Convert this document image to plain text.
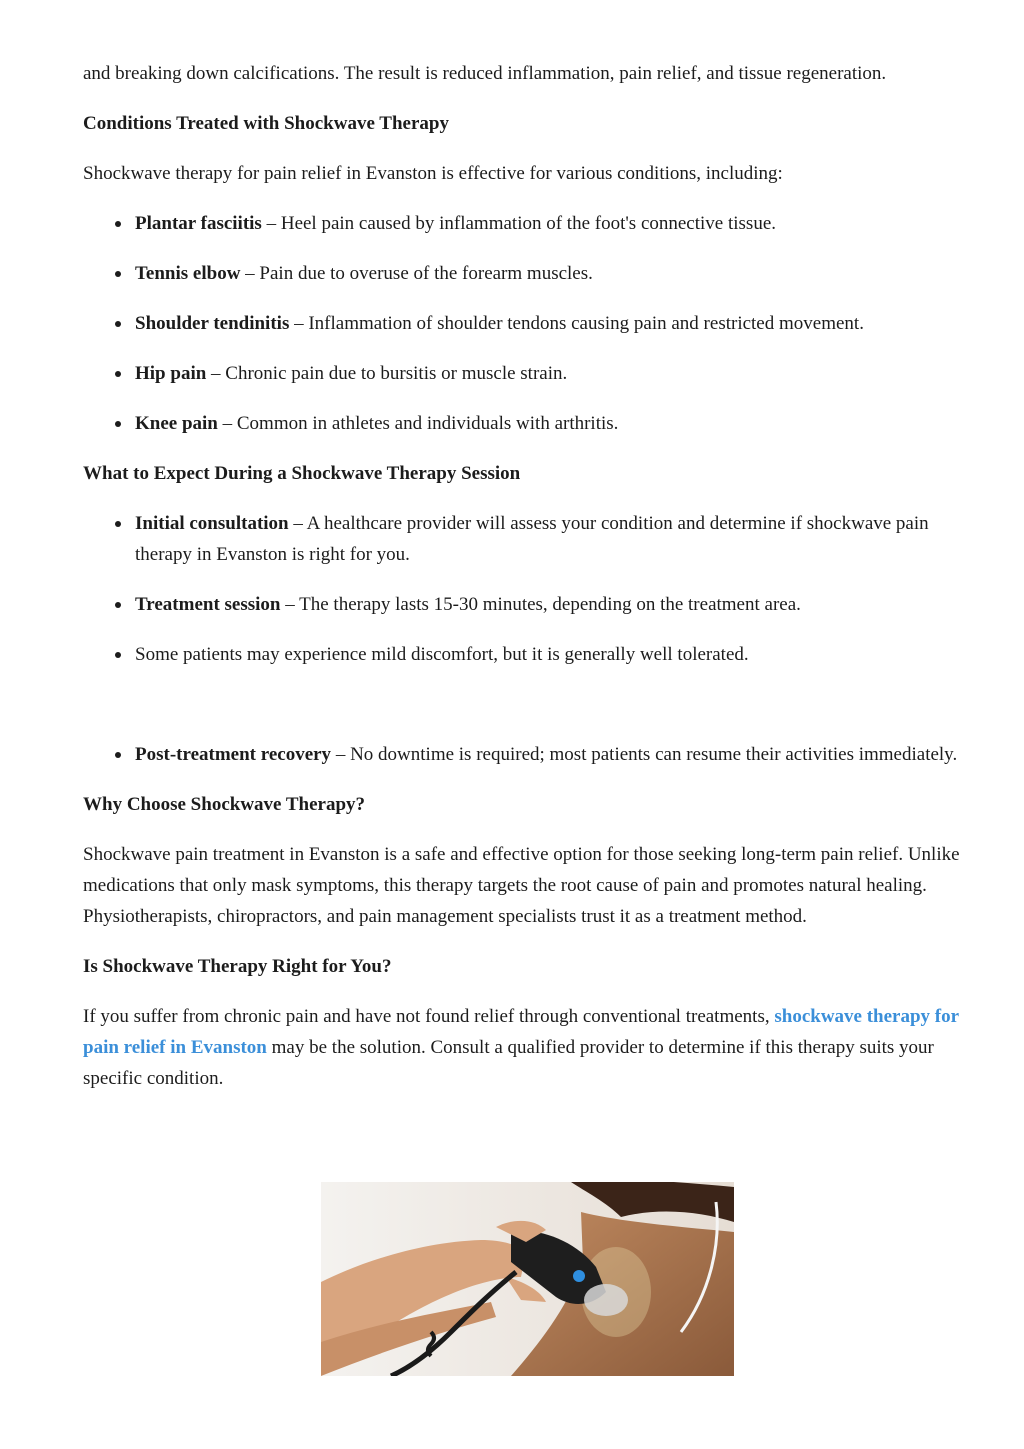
and breaking down calcifications. The result is reduced inflammation, pain relief, and tissue regeneration.

Conditions Treated with Shockwave Therapy

Shockwave therapy for pain relief in Evanston is effective for various conditions, including:

Plantar fasciitis – Heel pain caused by inflammation of the foot's connective tissue.
Tennis elbow – Pain due to overuse of the forearm muscles.
Shoulder tendinitis – Inflammation of shoulder tendons causing pain and restricted movement.
Hip pain – Chronic pain due to bursitis or muscle strain.
Knee pain – Common in athletes and individuals with arthritis.

What to Expect During a Shockwave Therapy Session

Initial consultation – A healthcare provider will assess your condition and determine if shockwave pain therapy in Evanston is right for you.
Treatment session – The therapy lasts 15-30 minutes, depending on the treatment area.
Some patients may experience mild discomfort, but it is generally well tolerated.
Post-treatment recovery – No downtime is required; most patients can resume their activities immediately.

Why Choose Shockwave Therapy?

Shockwave pain treatment in Evanston is a safe and effective option for those seeking long-term pain relief. Unlike medications that only mask symptoms, this therapy targets the root cause of pain and promotes natural healing. Physiotherapists, chiropractors, and pain management specialists trust it as a treatment method.

Is Shockwave Therapy Right for You?

If you suffer from chronic pain and have not found relief through conventional treatments, shockwave therapy for pain relief in Evanston may be the solution. Consult a qualified provider to determine if this therapy suits your specific condition.
